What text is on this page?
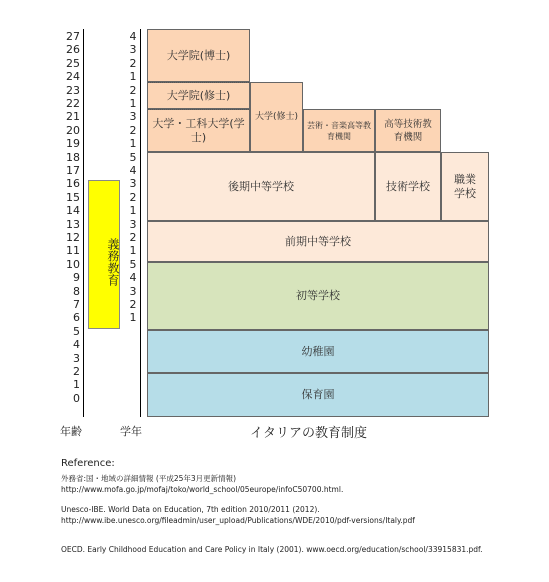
27
26
25
24
23
22
21
20
19
18
17
16
15
14
13
12
11
10
9
8
7
6
5
4
3
2
1
0
義務教育
4
3
2
1
2
1
3
2
1
5
4
3
2
1
3
2
1
5
4
3
2
1
大学院(博士)
大学院(修士)
大学・工科大学(学士)
大学(修士)
芸術・音楽高等教育機関
高等技術教育機関
後期中等学校	技術学校
職業学校
前期中等学校
初等学校
幼稚園
保育園
年齢	学年	イタリアの教育制度
Reference:
外務省:国・地域の詳細情報 (平成25年3月更新情報)
http://www.mofa.go.jp/mofaj/toko/world_school/05europe/infoC50700.html.
Unesco-IBE. World Data on Education, 7th edition 2010/2011 (2012).
http://www.ibe.unesco.org/fileadmin/user_upload/Publications/WDE/2010/pdf-versions/Italy.pdf
OECD. Early Childhood Education and Care Policy in Italy (2001). www.oecd.org/education/school/33915831.pdf.
